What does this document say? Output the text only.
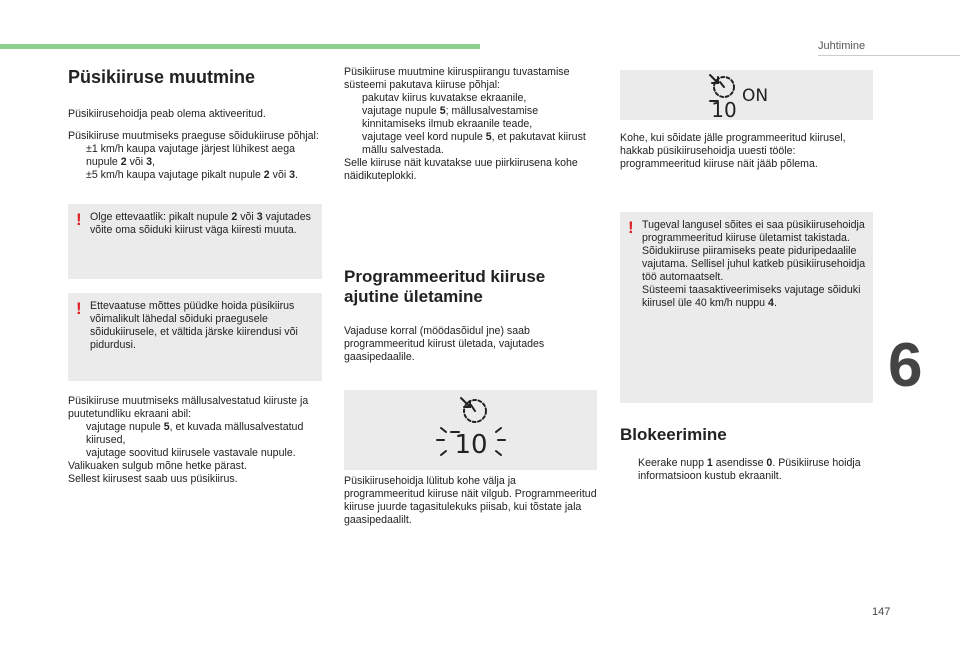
Juhtimine
6
147
Püsikiiruse muutmine

Püsikiirusehoidja peab olema aktiveeritud.

Püsikiiruse muutmiseks praeguse sõidukiiruse põhjal:

±1 km/h kaupa vajutage järjest lühikest aega nupule 2 või 3,
±5 km/h kaupa vajutage pikalt nupule 2 või 3.
! Olge ettevaatlik: pikalt nupule 2 või 3 vajutades võite oma sõiduki kiirust väga kiiresti muuta.
! Ettevaatuse mõttes püüdke hoida püsikiirus võimalikult lähedal sõiduki praegusele sõidukiirusele, et vältida järske kiirendusi või pidurdusi.

Püsikiiruse muutmiseks mällusalvestatud kiiruste ja puutetundliku ekraani abil:

vajutage nupule 5, et kuvada mällusalvestatud kiirused,
vajutage soovitud kiirusele vastavale nupule.
Valikuaken sulgub mõne hetke pärast.
Sellest kiirusest saab uus püsikiirus.

Püsikiiruse muutmine kiiruspiirangu tuvastamise süsteemi pakutava kiiruse põhjal:

pakutav kiirus kuvatakse ekraanile,
vajutage nupule 5; mällusalvestamise kinnitamiseks ilmub ekraanile teade,
vajutage veel kord nupule 5, et pakutavat kiirust mällu salvestada.

Selle kiiruse näit kuvatakse uue piirkiirusena kohe näidikuteplokki.

Programmeeritud kiiruse ajutine ületamine

Vajaduse korral (möödasõidul jne) saab programmeeritud kiirust ületada, vajutades gaasipedaalile.

10

Püsikiirusehoidja lülitub kohe välja ja programmeeritud kiiruse näit vilgub. Programmeeritud kiiruse juurde tagasitulekuks piisab, kui tõstate jala gaasipedaalilt.

10
ON

Kohe, kui sõidate jälle programmeeritud kiirusel, hakkab püsikiirusehoidja uuesti tööle: programmeeritud kiiruse näit jääb põlema.

! Tugeval langusel sõites ei saa püsikiirusehoidja programmeeritud kiiruse ületamist takistada.
Sõidukiiruse piiramiseks peate piduripedaalile vajutama. Sellisel juhul katkeb püsikiirusehoidja töö automaatselt.
Süsteemi taasaktiveerimiseks vajutage sõiduki kiirusel üle 40 km/h nuppu 4.
Blokeerimine
Keerake nupp 1 asendisse 0. Püsikiiruse hoidja informatsioon kustub ekraanilt.
